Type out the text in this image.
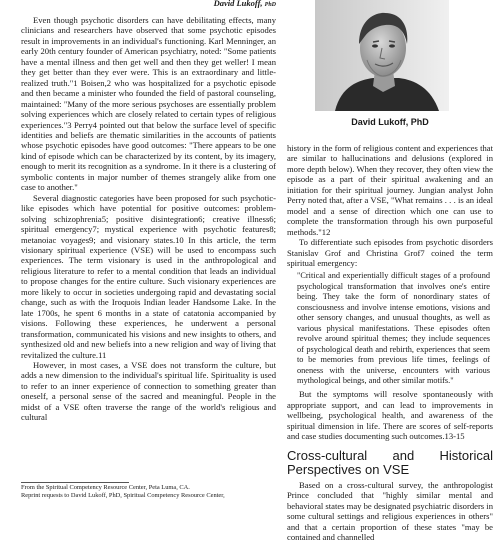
David Lukoff, PhD

Even though psychotic disorders can have debilitating effects, many clinicians and researchers have observed that some psychotic episodes result in improvements in an individual's functioning. Karl Menninger, an early 20th century founder of American psychiatry, noted: "Some patients have a mental illness and then get well and then they get weller! I mean they get better than they ever were. This is an extraordinary and little-realized truth."1 Boisen,2 who was hospitalized for a psychotic episode and then became a minister who founded the field of pastoral counseling, maintained: "Many of the more serious psychoses are essentially problem solving experiences which are closely related to certain types of religious experiences."3 Perry4 pointed out that below the surface level of specific identities and beliefs are thematic similarities in the accounts of patients whose psychotic episodes have good outcomes: "There appears to be one kind of episode which can be characterized by its content, by its imagery, enough to merit its recognition as a syndrome. In it there is a clustering of symbolic contents in major number of themes strangely alike from one case to another."

Several diagnostic categories have been proposed for such psychotic-like episodes which have potential for positive outcomes: problem-solving schizophrenia5; positive disintegration6; creative illness6; spiritual emergency7; mystical experience with psychotic features8; metanoiac voyages9; and visionary states.10 In this article, the term visionary spiritual experience (VSE) will be used to encompass such experiences. The term visionary is used in the anthropological and religious literature to refer to a mental condition that leads an individual to propose changes for the entire culture. Such visionary experiences are more likely to occur in societies undergoing rapid and devastating social change, such as with the Iroquois Indian leader Handsome Lake. In the late 1700s, he spent 6 months in a state of catatonia accompanied by visions. Following these experiences, he underwent a personal transformation, communicated his visions and new insights to others, and synthesized old and new beliefs into a new religion and way of living that revitalized the culture.11

However, in most cases, a VSE does not transform the culture, but adds a new dimension to the individual's spiritual life. Spirituality is used to refer to an inner experience of connection to something greater than oneself, a personal sense of the sacred and meaningful. People in the midst of a VSE often traverse the range of the world's religious and cultural

David Lukoff, PhD

history in the form of religious content and experiences that are similar to hallucinations and delusions (explored in more depth below). When they recover, they often view the episode as a part of their spiritual awakening and an initiation for their spiritual journey. Jungian analyst John Perry noted that, after a VSE, "What remains . . . is an ideal model and a sense of direction which one can use to complete the transformation through his own purposeful methods."12

To differentiate such episodes from psychotic disorders Stanislav Grof and Christina Grof7 coined the term spiritual emergency:

"Critical and experientially difficult stages of a profound psychological transformation that involves one's entire being. They take the form of nonordinary states of consciousness and involve intense emotions, visions and other sensory changes, and unusual thoughts, as well as various physical manifestations. These episodes often revolve around spiritual themes; they include sequences of psychological death and rebirth, experiences that seem to be memories from previous life times, feelings of oneness with the universe, encounters with various mythological beings, and other similar motifs."

But the symptoms will resolve spontaneously with appropriate support, and can lead to improvements in wellbeing, psychological health, and awareness of the spiritual dimension in life. There are scores of self-reports and case studies documenting such outcomes.13-15

Cross-cultural and Historical Perspectives on VSE

Based on a cross-cultural survey, the anthropologist Prince concluded that "highly similar mental and behavioral states may be designated psychiatric disorders in some cultural settings and religious experiences in others" and that a certain proportion of these states "may be contained and channelled

From the Spiritual Competency Resource Center, Peta Luma, CA.
Reprint requests to David Lukoff, PhD, Spiritual Competency Resource Center,
